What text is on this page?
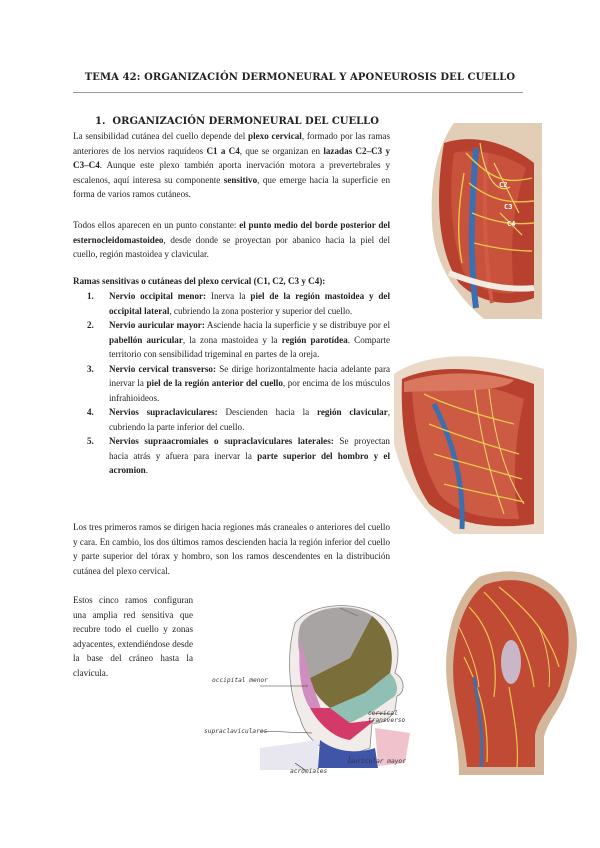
TEMA 42: ORGANIZACIÓN DERMONEURAL Y APONEUROSIS DEL CUELLO
1. ORGANIZACIÓN DERMONEURAL DEL CUELLO
La sensibilidad cutánea del cuello depende del plexo cervical, formado por las ramas anteriores de los nervios raquídeos C1 a C4, que se organizan en lazadas C2–C3 y C3–C4. Aunque este plexo también aporta inervación motora a prevertebrales y escalenos, aquí interesa su componente sensitivo, que emerge hacia la superficie en forma de varios ramos cutáneos.
Todos ellos aparecen en un punto constante: el punto medio del borde posterior del esternocleidomastoideo, desde donde se proyectan por abanico hacia la piel del cuello, región mastoidea y clavicular.
Ramas sensitivas o cutáneas del plexo cervical (C1, C2, C3 y C4):
1. Nervio occipital menor: Inerva la piel de la región mastoidea y del occipital lateral, cubriendo la zona posterior y superior del cuello.
2. Nervio auricular mayor: Asciende hacia la superficie y se distribuye por el pabellón auricular, la zona mastoidea y la región parotídea. Comparte territorio con sensibilidad trigeminal en partes de la oreja.
3. Nervio cervical transverso: Se dirige horizontalmente hacia adelante para inervar la piel de la región anterior del cuello, por encima de los músculos infrahioideos.
4. Nervios supraclaviculares: Descienden hacia la región clavicular, cubriendo la parte inferior del cuello.
5. Nervios supraacromiales o supraclaviculares laterales: Se proyectan hacia atrás y afuera para inervar la parte superior del hombro y el acromion.
Los tres primeros ramos se dirigen hacia regiones más craneales o anteriores del cuello y cara. En cambio, los dos últimos ramos descienden hacia la región inferior del cuello y parte superior del tórax y hombro, son los ramos descendentes en la distribución cutánea del plexo cervical.
Estos cinco ramos configuran una amplia red sensitiva que recubre todo el cuello y zonas adyacentes, extendiéndose desde la base del cráneo hasta la clavícula.
C2
C3
C4
occipital menor
cervical transverso
supraclaviculares
auricular mayor
acromiales
